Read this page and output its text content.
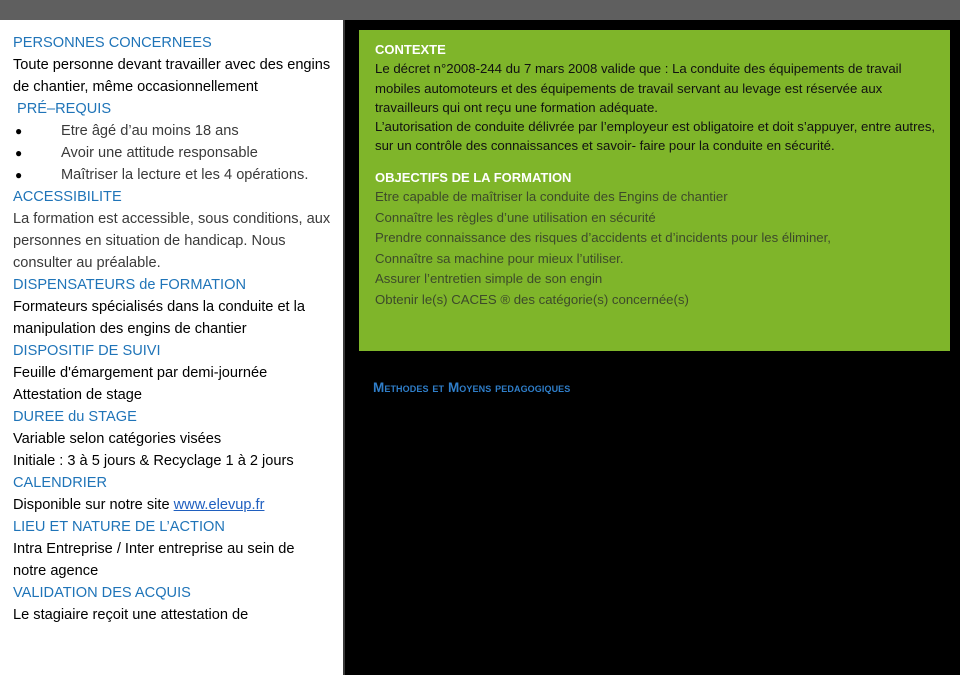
PERSONNES CONCERNEES

Toute personne devant travailler avec des engins de chantier, même occasionnellement

PRÉ–REQUIS

●	Etre âgé d’au moins 18 ans
●	Avoir une attitude responsable
●	Maîtriser la lecture et les 4 opérations.

ACCESSIBILITE

La formation est accessible, sous conditions, aux personnes en situation de handicap. Nous consulter au préalable.

DISPENSATEURS de FORMATION

Formateurs spécialisés dans la conduite et la manipulation des engins de chantier

DISPOSITIF DE SUIVI

Feuille d'émargement par demi-journée

Attestation de stage

DUREE du STAGE

Variable selon catégories visées

Initiale : 3 à 5 jours & Recyclage 1 à 2 jours

CALENDRIER

Disponible sur notre site www.elevup.fr

LIEU ET NATURE DE L’ACTION

Intra Entreprise / Inter entreprise au sein de notre agence

VALIDATION DES ACQUIS

Le stagiaire reçoit une attestation de

CONTEXTE

Le décret n°2008-244 du 7 mars 2008 valide que : La conduite des équipements de travail mobiles automoteurs et des équipements de travail servant au levage est réservée aux travailleurs qui ont reçu une formation adéquate.

L’autorisation de conduite délivrée par l’employeur est obligatoire et doit s’appuyer, entre autres, sur un contrôle des connaissances et savoir- faire pour la conduite en sécurité.

OBJECTIFS DE LA FORMATION

Etre capable de maîtriser la conduite des Engins de chantier
Connaître les règles d’une utilisation en sécurité
Prendre connaissance des risques d’accidents et d’incidents pour les éliminer,
Connaître sa machine pour mieux l’utiliser.
Assurer l’entretien simple de son engin
Obtenir le(s) CACES ® des catégorie(s) concernée(s)
Methodes et Moyens pedagogiques
